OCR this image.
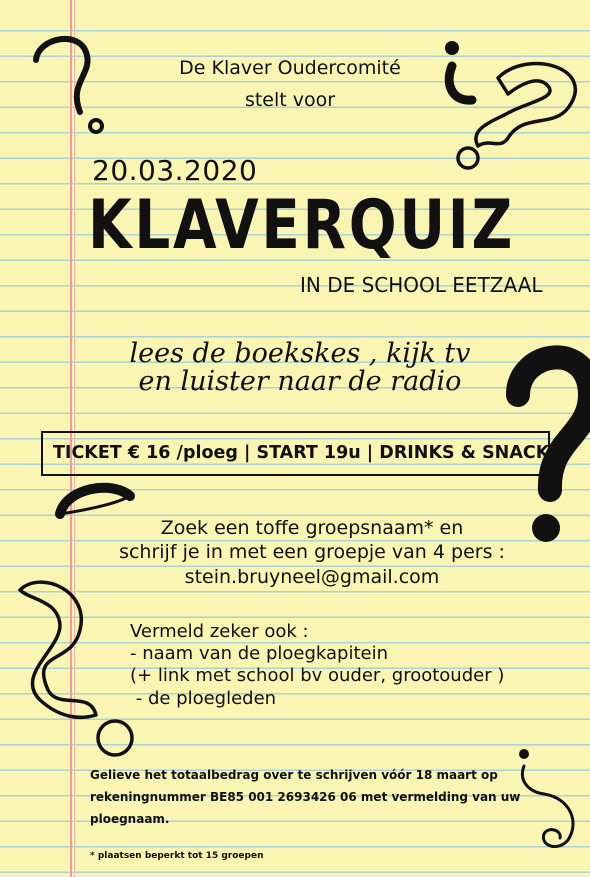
De Klaver Oudercomité
stelt voor
20.03.2020
KLAVERQUIZ
IN DE SCHOOL EETZAAL
lees de boekskes , kijk tv
en luister naar de radio
TICKET € 16 /ploeg | START 19u | DRINKS & SNACKS
Zoek een toffe groepsnaam* en
schrijf je in met een groepje van 4 pers :
stein.bruyneel@gmail.com
Vermeld zeker ook :
- naam van de ploegkapitein
(+ link met school bv ouder, grootouder )
- de ploegleden
Gelieve het totaalbedrag over te schrijven vóór 18 maart op
rekeningnummer BE85 001 2693426 06 met vermelding van uw
ploegnaam.
* plaatsen beperkt tot 15 groepen
